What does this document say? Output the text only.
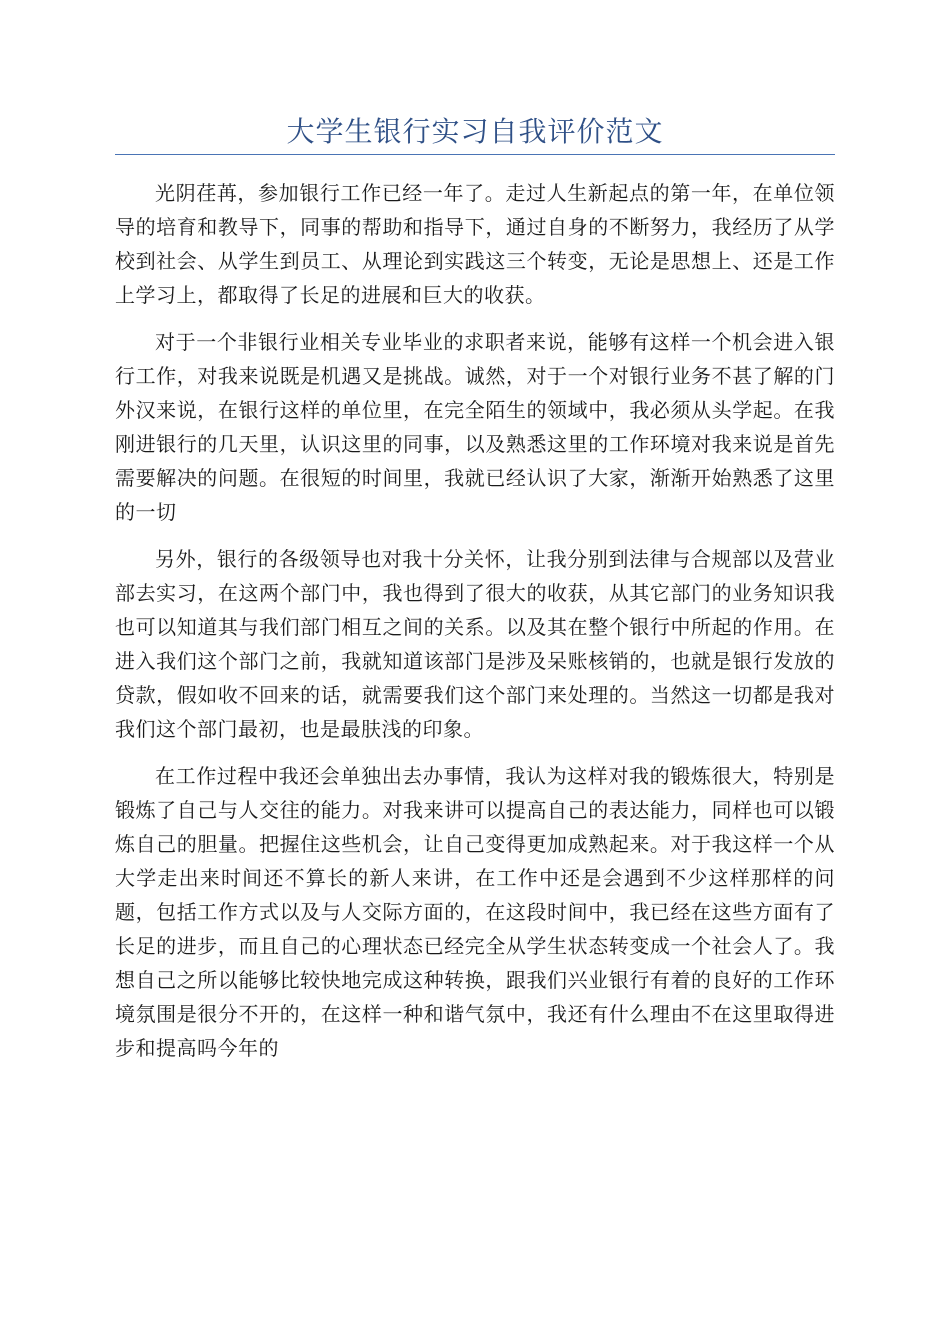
大学生银行实习自我评价范文

光阴荏苒，参加银行工作已经一年了。走过人生新起点的第一年，在单位领导的培育和教导下，同事的帮助和指导下，通过自身的不断努力，我经历了从学校到社会、从学生到员工、从理论到实践这三个转变，无论是思想上、还是工作上学习上，都取得了长足的进展和巨大的收获。

对于一个非银行业相关专业毕业的求职者来说，能够有这样一个机会进入银行工作，对我来说既是机遇又是挑战。诚然，对于一个对银行业务不甚了解的门外汉来说，在银行这样的单位里，在完全陌生的领域中，我必须从头学起。在我刚进银行的几天里，认识这里的同事，以及熟悉这里的工作环境对我来说是首先需要解决的问题。在很短的时间里，我就已经认识了大家，渐渐开始熟悉了这里的一切

另外，银行的各级领导也对我十分关怀，让我分别到法律与合规部以及营业部去实习，在这两个部门中，我也得到了很大的收获，从其它部门的业务知识我也可以知道其与我们部门相互之间的关系。以及其在整个银行中所起的作用。在进入我们这个部门之前，我就知道该部门是涉及呆账核销的，也就是银行发放的贷款，假如收不回来的话，就需要我们这个部门来处理的。当然这一切都是我对我们这个部门最初，也是最肤浅的印象。

在工作过程中我还会单独出去办事情，我认为这样对我的锻炼很大，特别是锻炼了自己与人交往的能力。对我来讲可以提高自己的表达能力，同样也可以锻炼自己的胆量。把握住这些机会，让自己变得更加成熟起来。对于我这样一个从大学走出来时间还不算长的新人来讲，在工作中还是会遇到不少这样那样的问题，包括工作方式以及与人交际方面的，在这段时间中，我已经在这些方面有了长足的进步，而且自己的心理状态已经完全从学生状态转变成一个社会人了。我想自己之所以能够比较快地完成这种转换，跟我们兴业银行有着的良好的工作环境氛围是很分不开的，在这样一种和谐气氛中，我还有什么理由不在这里取得进步和提高吗今年的
